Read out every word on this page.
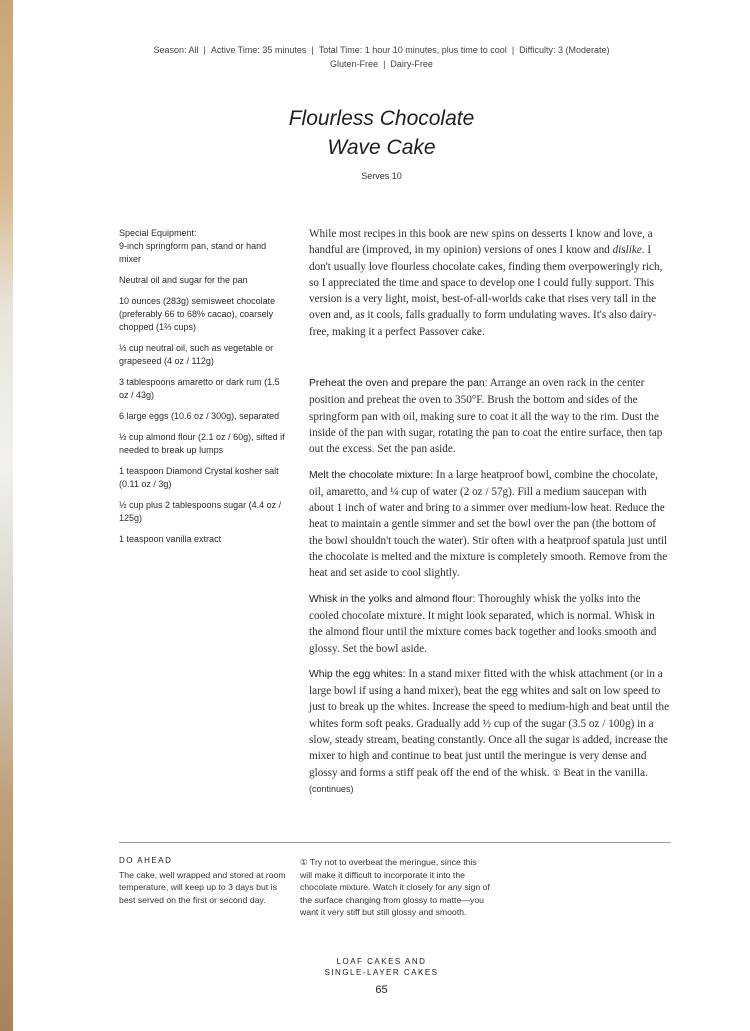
Season: All | Active Time: 35 minutes | Total Time: 1 hour 10 minutes, plus time to cool | Difficulty: 3 (Moderate)
Gluten-Free | Dairy-Free
Flourless Chocolate
Wave Cake
Serves 10

Special Equipment:
9-inch springform pan, stand or hand mixer

Neutral oil and sugar for the pan

10 ounces (283g) semisweet chocolate (preferably 66 to 68% cacao), coarsely chopped (1⅔ cups)

½ cup neutral oil, such as vegetable or grapeseed (4 oz / 112g)

3 tablespoons amaretto or dark rum (1.5 oz / 43g)

6 large eggs (10.6 oz / 300g), separated

½ cup almond flour (2.1 oz / 60g), sifted if needed to break up lumps

1 teaspoon Diamond Crystal kosher salt (0.11 oz / 3g)

½ cup plus 2 tablespoons sugar (4.4 oz / 125g)

1 teaspoon vanilla extract

While most recipes in this book are new spins on desserts I know and love, a handful are (improved, in my opinion) versions of ones I know and dislike. I don't usually love flourless chocolate cakes, finding them overpoweringly rich, so I appreciated the time and space to develop one I could fully support. This version is a very light, moist, best-of-all-worlds cake that rises very tall in the oven and, as it cools, falls gradually to form undulating waves. It's also dairy-free, making it a perfect Passover cake.

Preheat the oven and prepare the pan: Arrange an oven rack in the center position and preheat the oven to 350°F. Brush the bottom and sides of the springform pan with oil, making sure to coat it all the way to the rim. Dust the inside of the pan with sugar, rotating the pan to coat the entire surface, then tap out the excess. Set the pan aside.

Melt the chocolate mixture: In a large heatproof bowl, combine the chocolate, oil, amaretto, and ¼ cup of water (2 oz / 57g). Fill a medium saucepan with about 1 inch of water and bring to a simmer over medium-low heat. Reduce the heat to maintain a gentle simmer and set the bowl over the pan (the bottom of the bowl shouldn't touch the water). Stir often with a heatproof spatula just until the chocolate is melted and the mixture is completely smooth. Remove from the heat and set aside to cool slightly.

Whisk in the yolks and almond flour: Thoroughly whisk the yolks into the cooled chocolate mixture. It might look separated, which is normal. Whisk in the almond flour until the mixture comes back together and looks smooth and glossy. Set the bowl aside.

Whip the egg whites: In a stand mixer fitted with the whisk attachment (or in a large bowl if using a hand mixer), beat the egg whites and salt on low speed to just to break up the whites. Increase the speed to medium-high and beat until the whites form soft peaks. Gradually add ½ cup of the sugar (3.5 oz / 100g) in a slow, steady stream, beating constantly. Once all the sugar is added, increase the mixer to high and continue to beat just until the meringue is very dense and glossy and forms a stiff peak off the end of the whisk. ① Beat in the vanilla. (continues)

DO AHEAD
The cake, well wrapped and stored at room temperature, will keep up to 3 days but is best served on the first or second day.
① Try not to overbeat the meringue, since this will make it difficult to incorporate it into the chocolate mixture. Watch it closely for any sign of the surface changing from glossy to matte—you want it very stiff but still glossy and smooth.
LOAF CAKES AND
SINGLE-LAYER CAKES
65
